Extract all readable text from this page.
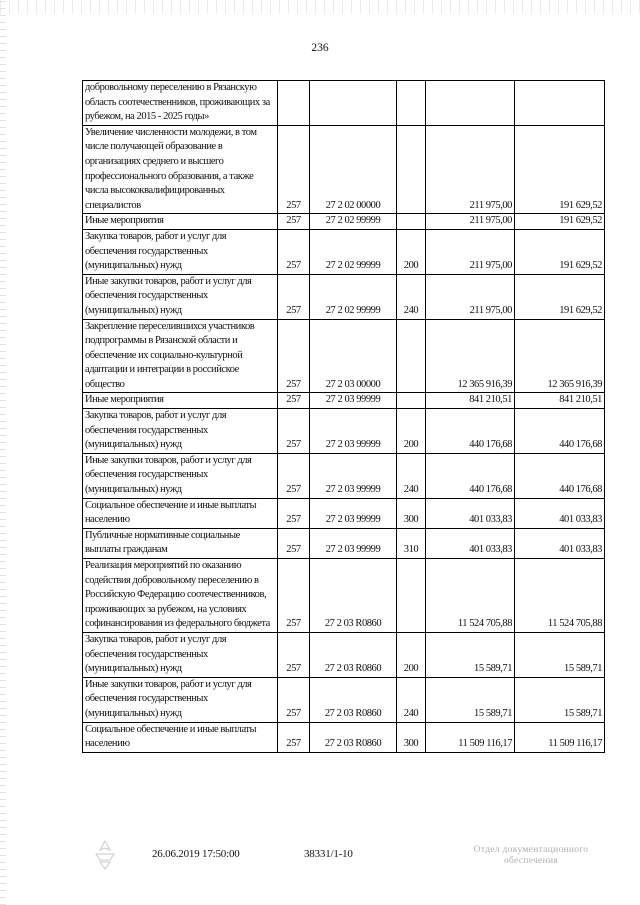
236
добровольному переселению в Рязанскую область соотечественников, проживающих за рубежом, на 2015 - 2025 годы»					
Увеличение численности молодежи, в том числе получающей образование в организациях среднего и высшего профессионального образования, а также числа высококвалифицированных специалистов	257	27 2 02 00000		211 975,00	191 629,52
Иные мероприятия	257	27 2 02 99999		211 975,00	191 629,52
Закупка товаров, работ и услуг для обеспечения государственных (муниципальных) нужд	257	27 2 02 99999	200	211 975,00	191 629,52
Иные закупки товаров, работ и услуг для обеспечения государственных (муниципальных) нужд	257	27 2 02 99999	240	211 975,00	191 629,52
Закрепление переселившихся участников подпрограммы в Рязанской области и обеспечение их социально-культурной адаптации и интеграции в российское общество	257	27 2 03 00000		12 365 916,39	12 365 916,39
Иные мероприятия	257	27 2 03 99999		841 210,51	841 210,51
Закупка товаров, работ и услуг для обеспечения государственных (муниципальных) нужд	257	27 2 03 99999	200	440 176,68	440 176,68
Иные закупки товаров, работ и услуг для обеспечения государственных (муниципальных) нужд	257	27 2 03 99999	240	440 176,68	440 176,68
Социальное обеспечение и иные выплаты населению	257	27 2 03 99999	300	401 033,83	401 033,83
Публичные нормативные социальные выплаты гражданам	257	27 2 03 99999	310	401 033,83	401 033,83
Реализация мероприятий по оказанию содействия добровольному переселению в Российскую Федерацию соотечественников, проживающих за рубежом, на условиях софинансирования из федерального бюджета	257	27 2 03 R0860		11 524 705,88	11 524 705,88
Закупка товаров, работ и услуг для обеспечения государственных (муниципальных) нужд	257	27 2 03 R0860	200	15 589,71	15 589,71
Иные закупки товаров, работ и услуг для обеспечения государственных (муниципальных) нужд	257	27 2 03 R0860	240	15 589,71	15 589,71
Социальное обеспечение и иные выплаты населению	257	27 2 03 R0860	300	11 509 116,17	11 509 116,17
26.06.2019 17:50:00	38331/1-10	Отдел документационного
обеспечения
